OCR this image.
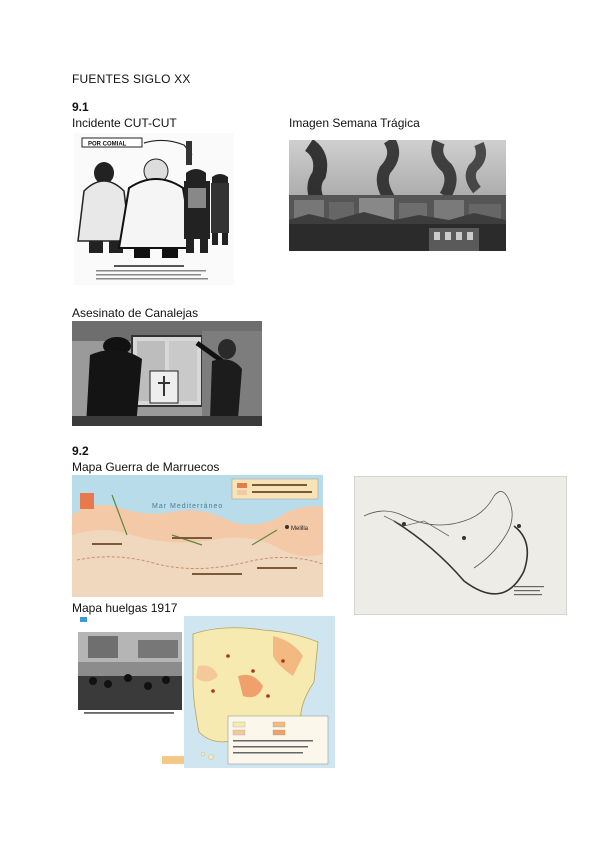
FUENTES SIGLO XX
9.1
Incidente CUT-CUT	Imagen Semana Trágica
POR COMIAL
Asesinato de Canalejas
9.2
Mapa Guerra de Marruecos
Mar Mediterráneo
Melilla
Mapa huelgas 1917
